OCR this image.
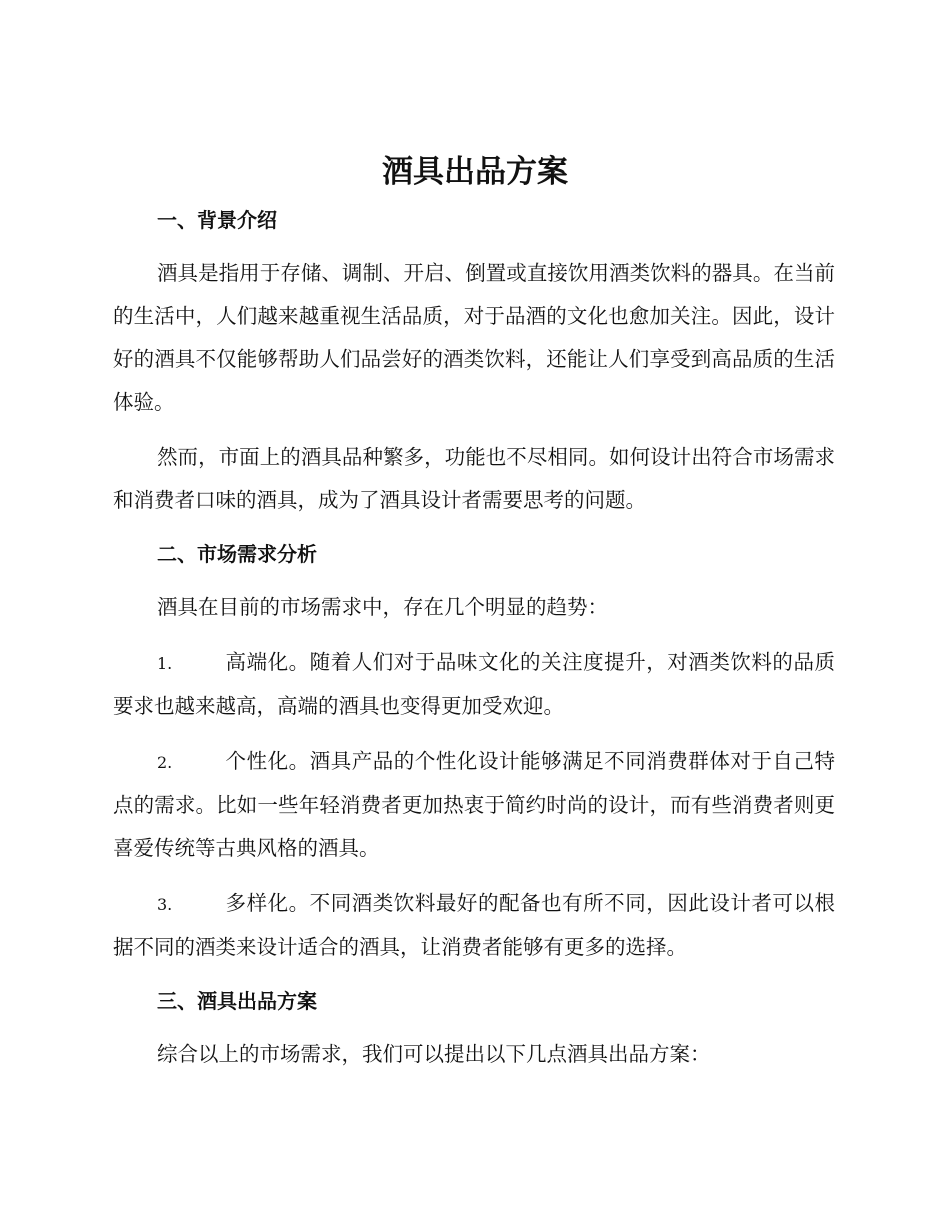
酒具出品方案
一、背景介绍

酒具是指用于存储、调制、开启、倒置或直接饮用酒类饮料的器具。在当前的生活中，人们越来越重视生活品质，对于品酒的文化也愈加关注。因此，设计好的酒具不仅能够帮助人们品尝好的酒类饮料，还能让人们享受到高品质的生活体验。

然而，市面上的酒具品种繁多，功能也不尽相同。如何设计出符合市场需求和消费者口味的酒具，成为了酒具设计者需要思考的问题。

二、市场需求分析

酒具在目前的市场需求中，存在几个明显的趋势：

1.	高端化。随着人们对于品味文化的关注度提升，对酒类饮料的品质要求也越来越高，高端的酒具也变得更加受欢迎。

2.	个性化。酒具产品的个性化设计能够满足不同消费群体对于自己特点的需求。比如一些年轻消费者更加热衷于简约时尚的设计，而有些消费者则更喜爱传统等古典风格的酒具。

3.	多样化。不同酒类饮料最好的配备也有所不同，因此设计者可以根据不同的酒类来设计适合的酒具，让消费者能够有更多的选择。

三、酒具出品方案

综合以上的市场需求，我们可以提出以下几点酒具出品方案：
